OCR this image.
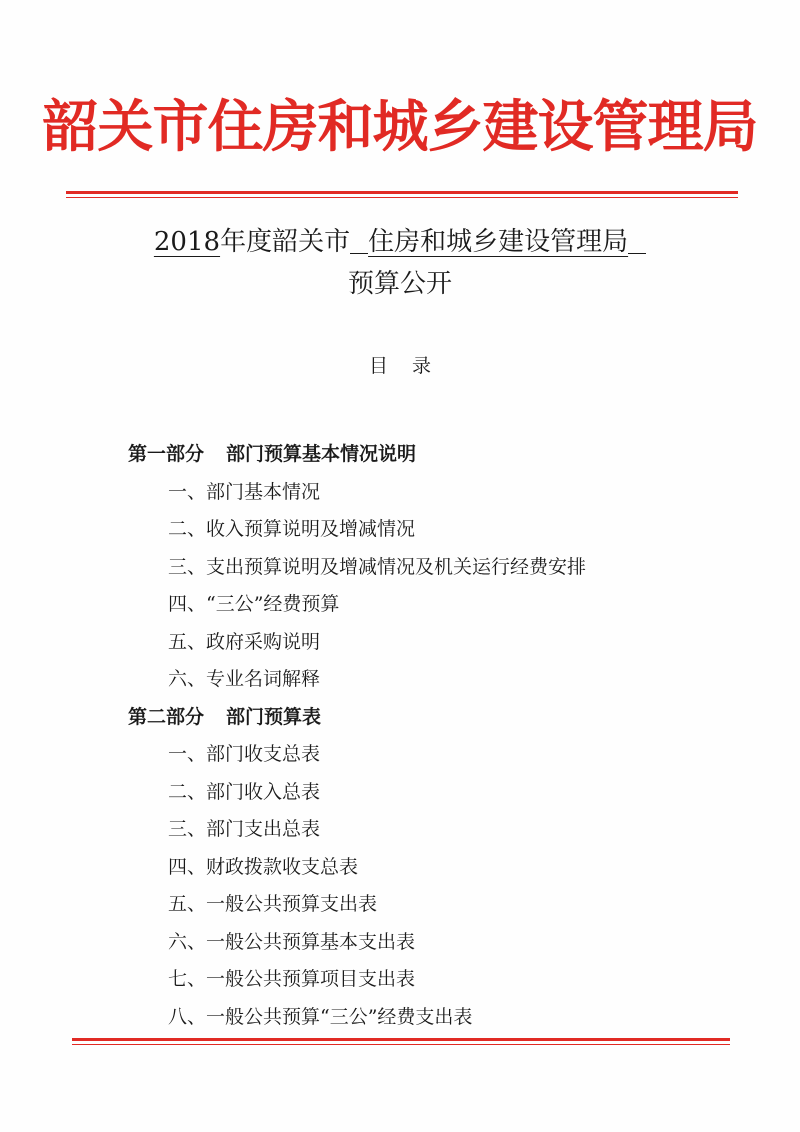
韶关市住房和城乡建设管理局
2018年度韶关市 住房和城乡建设管理局
预算公开
目录
第一部分 部门预算基本情况说明
一、部门基本情况
二、收入预算说明及增减情况
三、支出预算说明及增减情况及机关运行经费安排
四、“三公”经费预算
五、政府采购说明
六、专业名词解释
第二部分 部门预算表
一、部门收支总表
二、部门收入总表
三、部门支出总表
四、财政拨款收支总表
五、一般公共预算支出表
六、一般公共预算基本支出表
七、一般公共预算项目支出表
八、一般公共预算“三公”经费支出表
